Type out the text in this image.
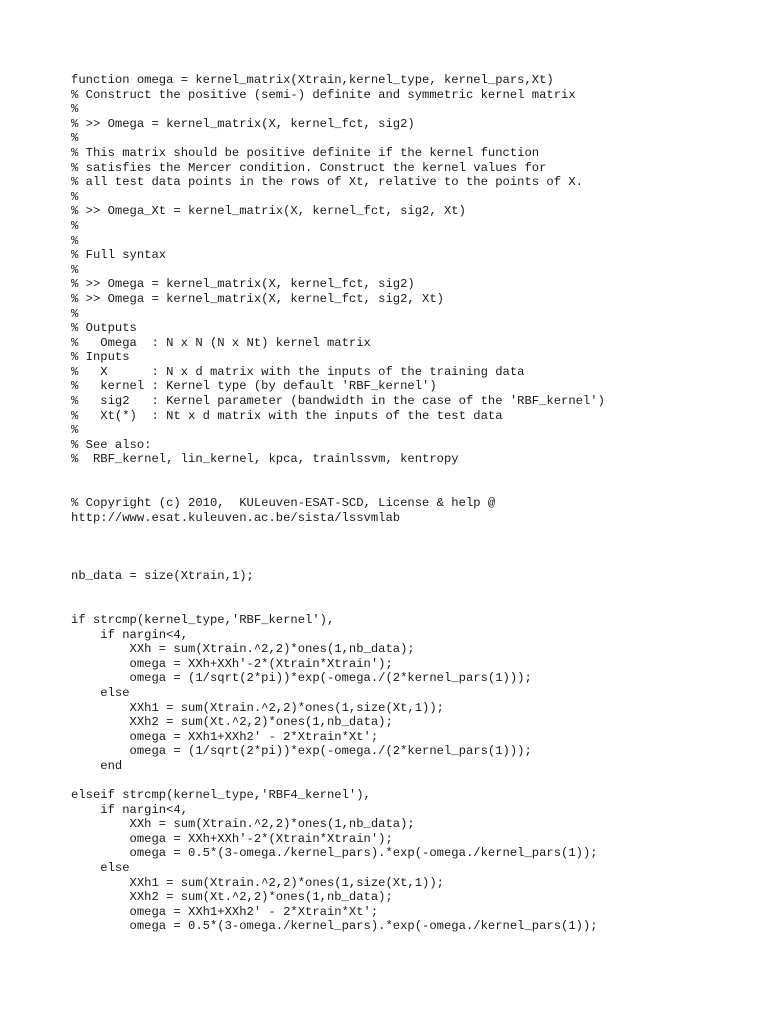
function omega = kernel_matrix(Xtrain,kernel_type, kernel_pars,Xt)
% Construct the positive (semi-) definite and symmetric kernel matrix
%
% >> Omega = kernel_matrix(X, kernel_fct, sig2)
%
% This matrix should be positive definite if the kernel function
% satisfies the Mercer condition. Construct the kernel values for
% all test data points in the rows of Xt, relative to the points of X.
%
% >> Omega_Xt = kernel_matrix(X, kernel_fct, sig2, Xt)
%
%
% Full syntax
%
% >> Omega = kernel_matrix(X, kernel_fct, sig2)
% >> Omega = kernel_matrix(X, kernel_fct, sig2, Xt)
%
% Outputs
%   Omega  : N x N (N x Nt) kernel matrix
% Inputs
%   X      : N x d matrix with the inputs of the training data
%   kernel : Kernel type (by default 'RBF_kernel')
%   sig2   : Kernel parameter (bandwidth in the case of the 'RBF_kernel')
%   Xt(*)  : Nt x d matrix with the inputs of the test data
%
% See also:
%  RBF_kernel, lin_kernel, kpca, trainlssvm, kentropy
% Copyright (c) 2010,  KULeuven-ESAT-SCD, License & help @
http://www.esat.kuleuven.ac.be/sista/lssvmlab
nb_data = size(Xtrain,1);
if strcmp(kernel_type,'RBF_kernel'),
if nargin<4,
XXh = sum(Xtrain.^2,2)*ones(1,nb_data);
omega = XXh+XXh'-2*(Xtrain*Xtrain');
omega = (1/sqrt(2*pi))*exp(-omega./(2*kernel_pars(1)));
else
XXh1 = sum(Xtrain.^2,2)*ones(1,size(Xt,1));
XXh2 = sum(Xt.^2,2)*ones(1,nb_data);
omega = XXh1+XXh2' - 2*Xtrain*Xt';
omega = (1/sqrt(2*pi))*exp(-omega./(2*kernel_pars(1)));
end
elseif strcmp(kernel_type,'RBF4_kernel'),
if nargin<4,
XXh = sum(Xtrain.^2,2)*ones(1,nb_data);
omega = XXh+XXh'-2*(Xtrain*Xtrain');
omega = 0.5*(3-omega./kernel_pars).*exp(-omega./kernel_pars(1));
else
XXh1 = sum(Xtrain.^2,2)*ones(1,size(Xt,1));
XXh2 = sum(Xt.^2,2)*ones(1,nb_data);
omega = XXh1+XXh2' - 2*Xtrain*Xt';
omega = 0.5*(3-omega./kernel_pars).*exp(-omega./kernel_pars(1));
